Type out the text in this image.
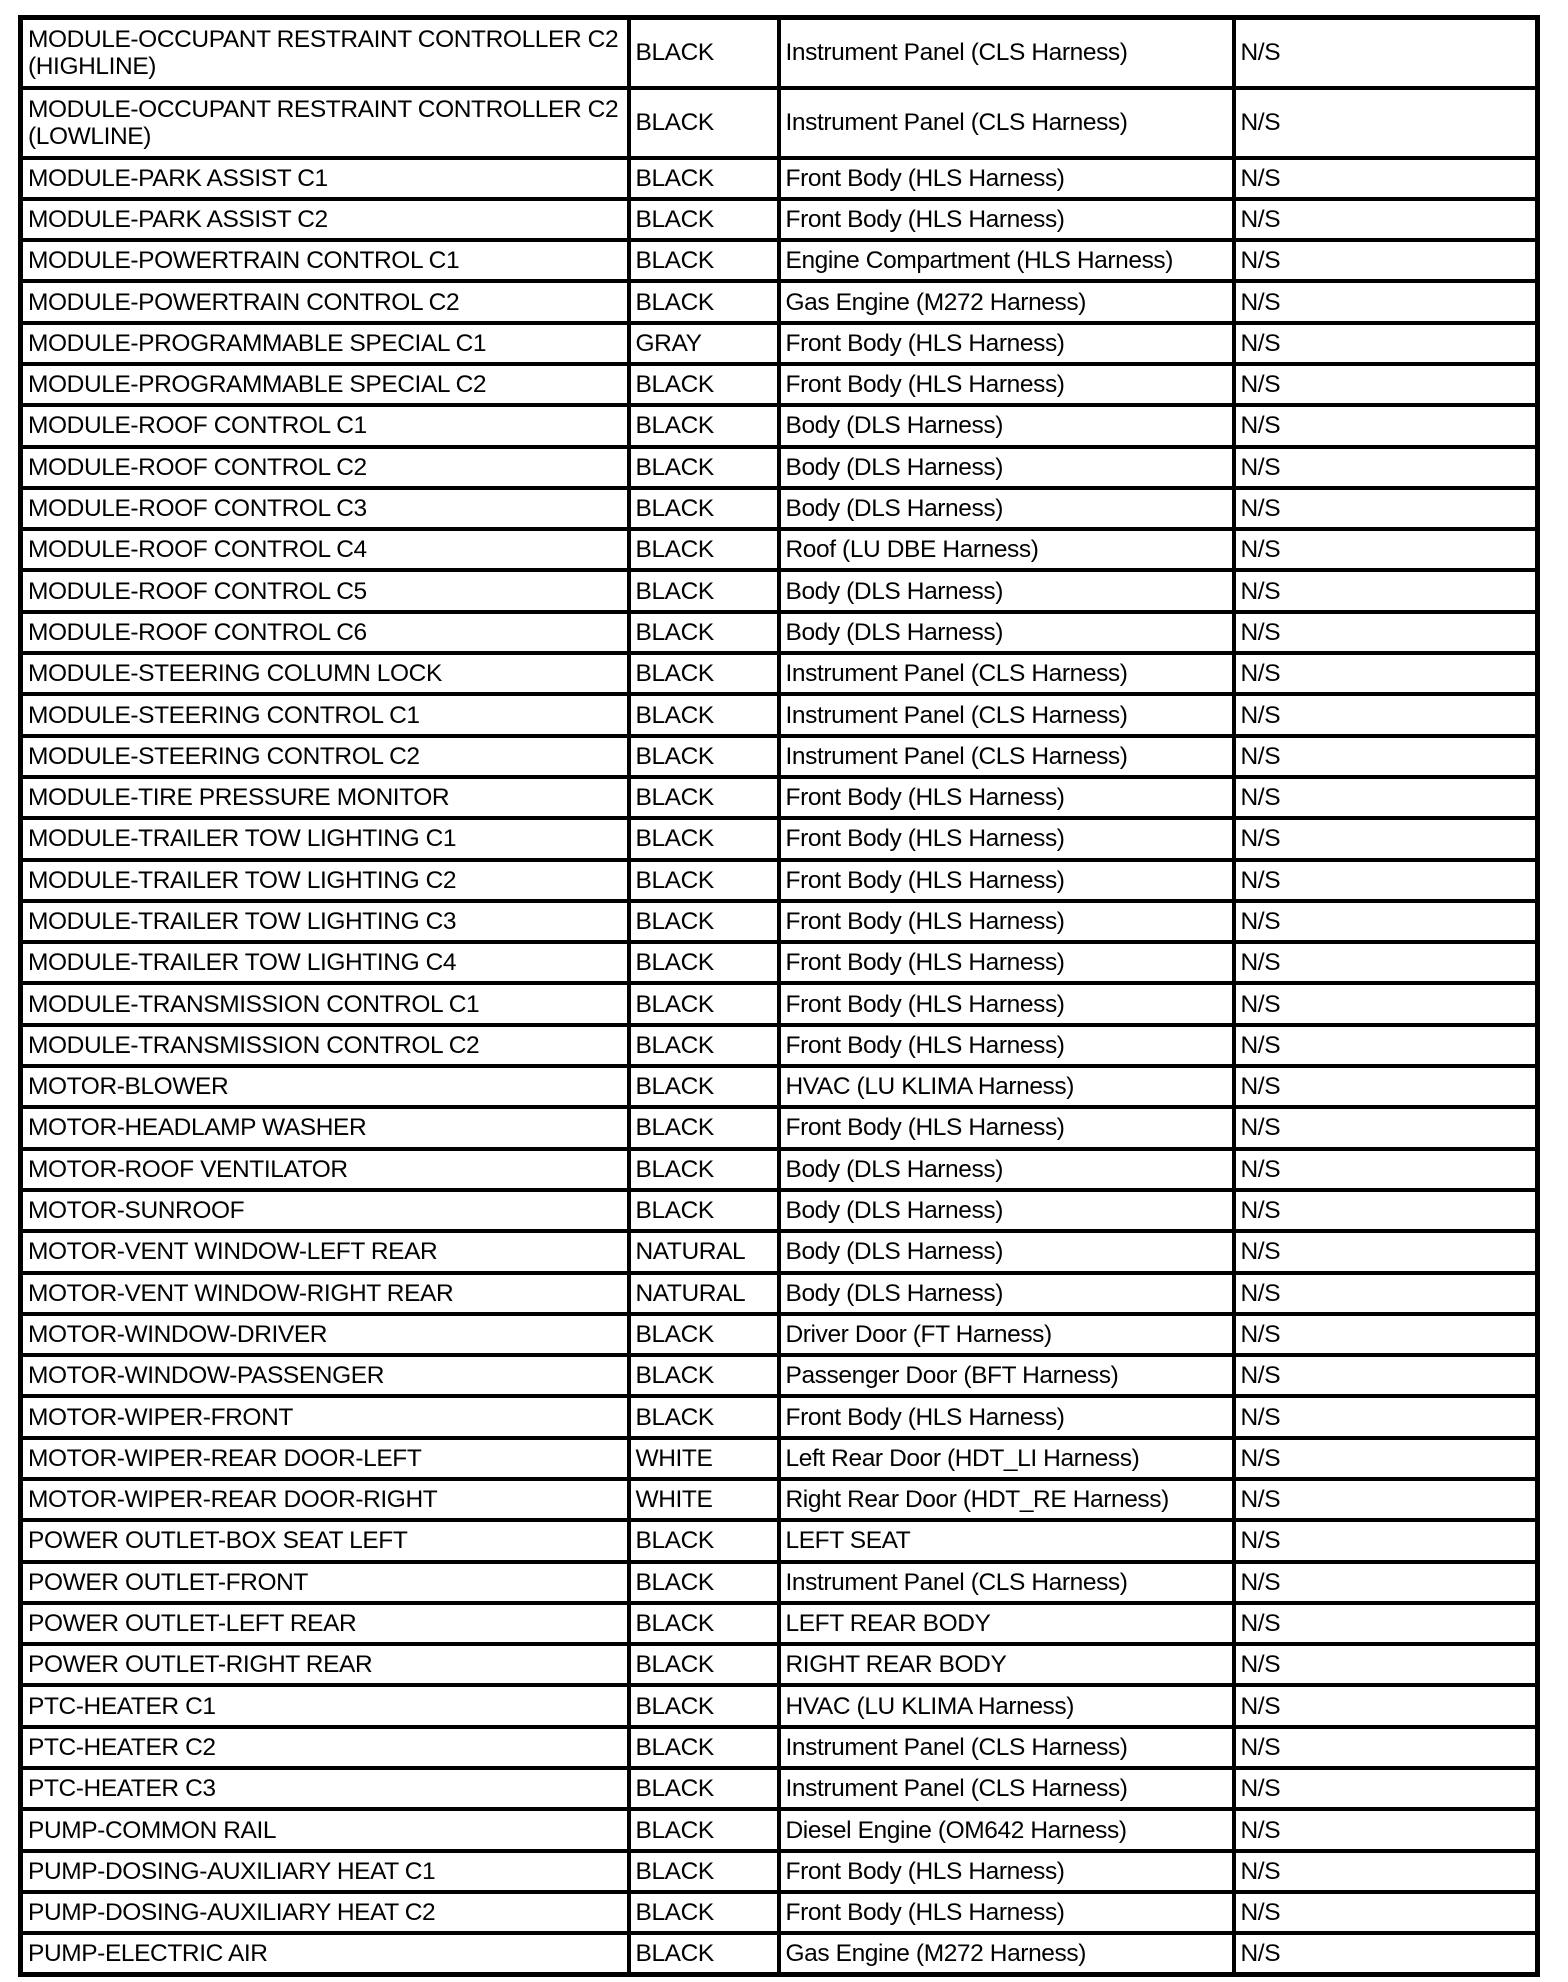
MODULE-OCCUPANT RESTRAINT CONTROLLER C2 (HIGHLINE)	BLACK	Instrument Panel (CLS Harness)	N/S
MODULE-OCCUPANT RESTRAINT CONTROLLER C2 (LOWLINE)	BLACK	Instrument Panel (CLS Harness)	N/S
MODULE-PARK ASSIST C1	BLACK	Front Body (HLS Harness)	N/S
MODULE-PARK ASSIST C2	BLACK	Front Body (HLS Harness)	N/S
MODULE-POWERTRAIN CONTROL C1	BLACK	Engine Compartment (HLS Harness)	N/S
MODULE-POWERTRAIN CONTROL C2	BLACK	Gas Engine (M272 Harness)	N/S
MODULE-PROGRAMMABLE SPECIAL C1	GRAY	Front Body (HLS Harness)	N/S
MODULE-PROGRAMMABLE SPECIAL C2	BLACK	Front Body (HLS Harness)	N/S
MODULE-ROOF CONTROL C1	BLACK	Body (DLS Harness)	N/S
MODULE-ROOF CONTROL C2	BLACK	Body (DLS Harness)	N/S
MODULE-ROOF CONTROL C3	BLACK	Body (DLS Harness)	N/S
MODULE-ROOF CONTROL C4	BLACK	Roof (LU DBE Harness)	N/S
MODULE-ROOF CONTROL C5	BLACK	Body (DLS Harness)	N/S
MODULE-ROOF CONTROL C6	BLACK	Body (DLS Harness)	N/S
MODULE-STEERING COLUMN LOCK	BLACK	Instrument Panel (CLS Harness)	N/S
MODULE-STEERING CONTROL C1	BLACK	Instrument Panel (CLS Harness)	N/S
MODULE-STEERING CONTROL C2	BLACK	Instrument Panel (CLS Harness)	N/S
MODULE-TIRE PRESSURE MONITOR	BLACK	Front Body (HLS Harness)	N/S
MODULE-TRAILER TOW LIGHTING C1	BLACK	Front Body (HLS Harness)	N/S
MODULE-TRAILER TOW LIGHTING C2	BLACK	Front Body (HLS Harness)	N/S
MODULE-TRAILER TOW LIGHTING C3	BLACK	Front Body (HLS Harness)	N/S
MODULE-TRAILER TOW LIGHTING C4	BLACK	Front Body (HLS Harness)	N/S
MODULE-TRANSMISSION CONTROL C1	BLACK	Front Body (HLS Harness)	N/S
MODULE-TRANSMISSION CONTROL C2	BLACK	Front Body (HLS Harness)	N/S
MOTOR-BLOWER	BLACK	HVAC (LU KLIMA Harness)	N/S
MOTOR-HEADLAMP WASHER	BLACK	Front Body (HLS Harness)	N/S
MOTOR-ROOF VENTILATOR	BLACK	Body (DLS Harness)	N/S
MOTOR-SUNROOF	BLACK	Body (DLS Harness)	N/S
MOTOR-VENT WINDOW-LEFT REAR	NATURAL	Body (DLS Harness)	N/S
MOTOR-VENT WINDOW-RIGHT REAR	NATURAL	Body (DLS Harness)	N/S
MOTOR-WINDOW-DRIVER	BLACK	Driver Door (FT Harness)	N/S
MOTOR-WINDOW-PASSENGER	BLACK	Passenger Door (BFT Harness)	N/S
MOTOR-WIPER-FRONT	BLACK	Front Body (HLS Harness)	N/S
MOTOR-WIPER-REAR DOOR-LEFT	WHITE	Left Rear Door (HDT_LI Harness)	N/S
MOTOR-WIPER-REAR DOOR-RIGHT	WHITE	Right Rear Door (HDT_RE Harness)	N/S
POWER OUTLET-BOX SEAT LEFT	BLACK	LEFT SEAT	N/S
POWER OUTLET-FRONT	BLACK	Instrument Panel (CLS Harness)	N/S
POWER OUTLET-LEFT REAR	BLACK	LEFT REAR BODY	N/S
POWER OUTLET-RIGHT REAR	BLACK	RIGHT REAR BODY	N/S
PTC-HEATER C1	BLACK	HVAC (LU KLIMA Harness)	N/S
PTC-HEATER C2	BLACK	Instrument Panel (CLS Harness)	N/S
PTC-HEATER C3	BLACK	Instrument Panel (CLS Harness)	N/S
PUMP-COMMON RAIL	BLACK	Diesel Engine (OM642 Harness)	N/S
PUMP-DOSING-AUXILIARY HEAT C1	BLACK	Front Body (HLS Harness)	N/S
PUMP-DOSING-AUXILIARY HEAT C2	BLACK	Front Body (HLS Harness)	N/S
PUMP-ELECTRIC AIR	BLACK	Gas Engine (M272 Harness)	N/S
